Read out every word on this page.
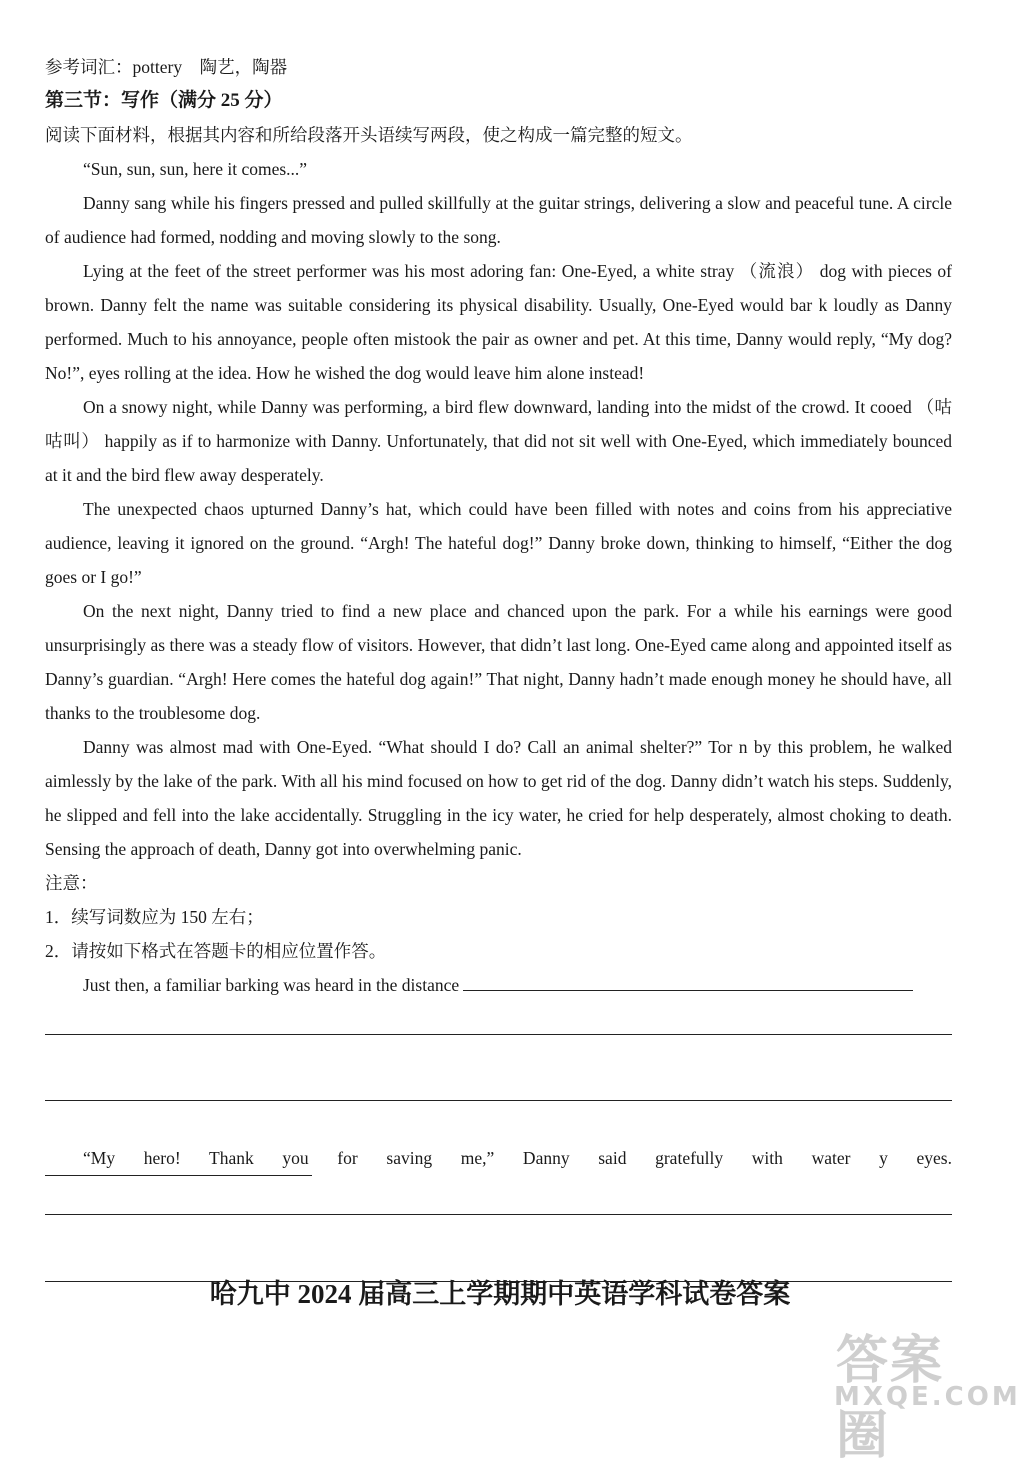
参考词汇：pottery 陶艺，陶器

第三节：写作（满分 25 分）

阅读下面材料，根据其内容和所给段落开头语续写两段，使之构成一篇完整的短文。

“Sun, sun, sun, here it comes...”

Danny sang while his fingers pressed and pulled skillfully at the guitar strings, delivering a slow and peaceful tune. A circle of audience had formed, nodding and moving slowly to the song.

Lying at the feet of the street performer was his most adoring fan: One-Eyed, a white stray （流浪） dog with pieces of brown. Danny felt the name was suitable considering its physical disability. Usually, One-Eyed would bar k loudly as Danny performed. Much to his annoyance, people often mistook the pair as owner and pet. At this time, Danny would reply, “My dog? No!”, eyes rolling at the idea. How he wished the dog would leave him alone instead!

On a snowy night, while Danny was performing, a bird flew downward, landing into the midst of the crowd. It cooed （咕咕叫） happily as if to harmonize with Danny. Unfortunately, that did not sit well with One-Eyed, which immediately bounced at it and the bird flew away desperately.

The unexpected chaos upturned Danny’s hat, which could have been filled with notes and coins from his appreciative audience, leaving it ignored on the ground. “Argh! The hateful dog!” Danny broke down, thinking to himself, “Either the dog goes or I go!”

On the next night, Danny tried to find a new place and chanced upon the park. For a while his earnings were good unsurprisingly as there was a steady flow of visitors. However, that didn’t last long. One-Eyed came along and appointed itself as Danny’s guardian. “Argh! Here comes the hateful dog again!” That night, Danny hadn’t made enough money he should have, all thanks to the troublesome dog.

Danny was almost mad with One-Eyed. “What should I do? Call an animal shelter?” Tor n by this problem, he walked aimlessly by the lake of the park. With all his mind focused on how to get rid of the dog. Danny didn’t watch his steps. Suddenly, he slipped and fell into the lake accidentally. Struggling in the icy water, he cried for help desperately, almost choking to death. Sensing the approach of death, Danny got into overwhelming panic.

注意：

1．续写词数应为 150 左右；

2．请按如下格式在答题卡的相应位置作答。

Just then, a familiar barking was heard in the distance

“My hero! Thank you for saving me,” Danny said gratefully with water y eyes.

哈九中 2024 届高三上学期期中英语学科试卷答案
答案圈
MXQE.COM
